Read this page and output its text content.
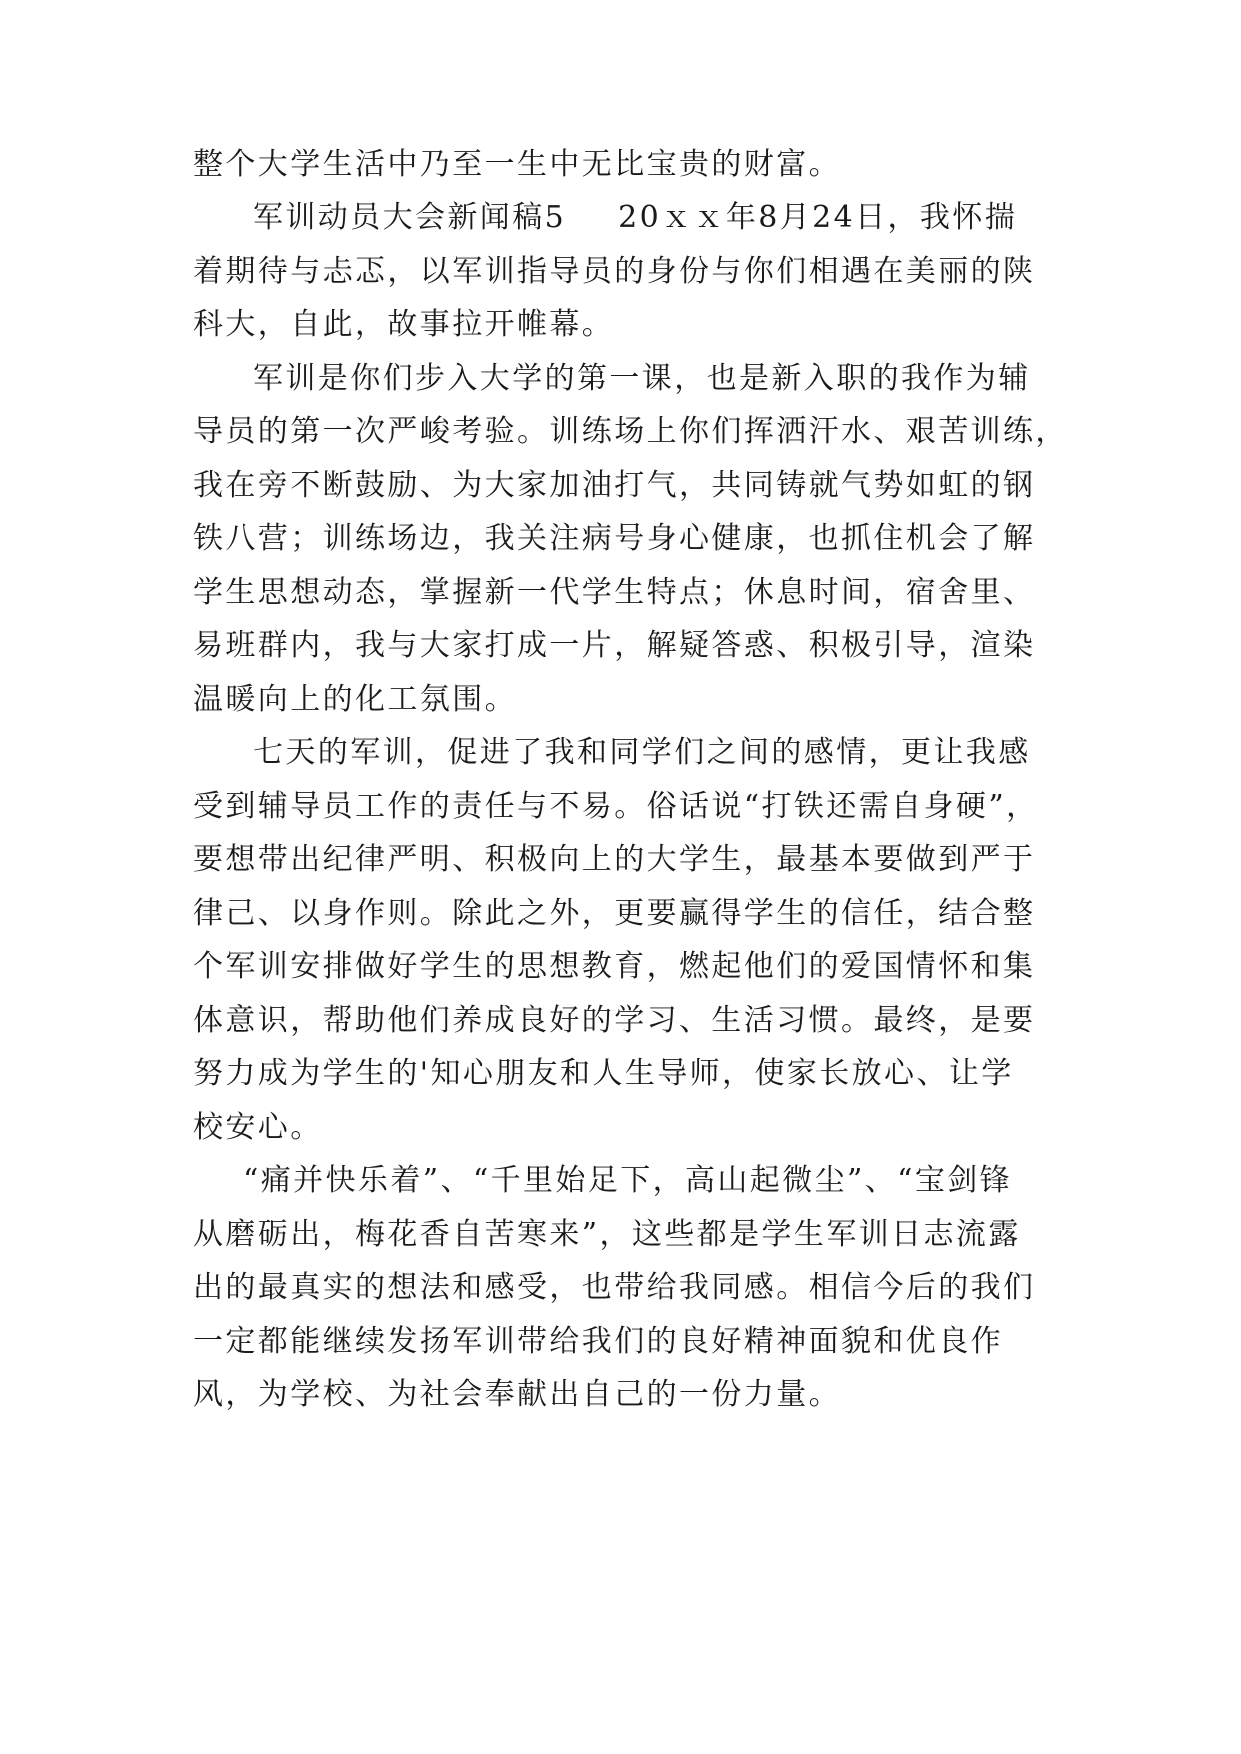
整个大学生活中乃至一生中无比宝贵的财富。
军训动员大会新闻稿5 20ｘｘ年8月24日，我怀揣
着期待与忐忑，以军训指导员的身份与你们相遇在美丽的陕
科大，自此，故事拉开帷幕。
军训是你们步入大学的第一课，也是新入职的我作为辅
导员的第一次严峻考验。训练场上你们挥洒汗水、艰苦训练，
我在旁不断鼓励、为大家加油打气，共同铸就气势如虹的钢
铁八营；训练场边，我关注病号身心健康，也抓住机会了解
学生思想动态，掌握新一代学生特点；休息时间，宿舍里、
易班群内，我与大家打成一片，解疑答惑、积极引导，渲染
温暖向上的化工氛围。
七天的军训，促进了我和同学们之间的感情，更让我感
受到辅导员工作的责任与不易。俗话说“打铁还需自身硬”，
要想带出纪律严明、积极向上的大学生，最基本要做到严于
律己、以身作则。除此之外，更要赢得学生的信任，结合整
个军训安排做好学生的思想教育，燃起他们的爱国情怀和集
体意识，帮助他们养成良好的学习、生活习惯。最终，是要
努力成为学生的'知心朋友和人生导师，使家长放心、让学
校安心。
“痛并快乐着”、“千里始足下，高山起微尘”、“宝剑锋
从磨砺出，梅花香自苦寒来”，这些都是学生军训日志流露
出的最真实的想法和感受，也带给我同感。相信今后的我们
一定都能继续发扬军训带给我们的良好精神面貌和优良作
风，为学校、为社会奉献出自己的一份力量。
